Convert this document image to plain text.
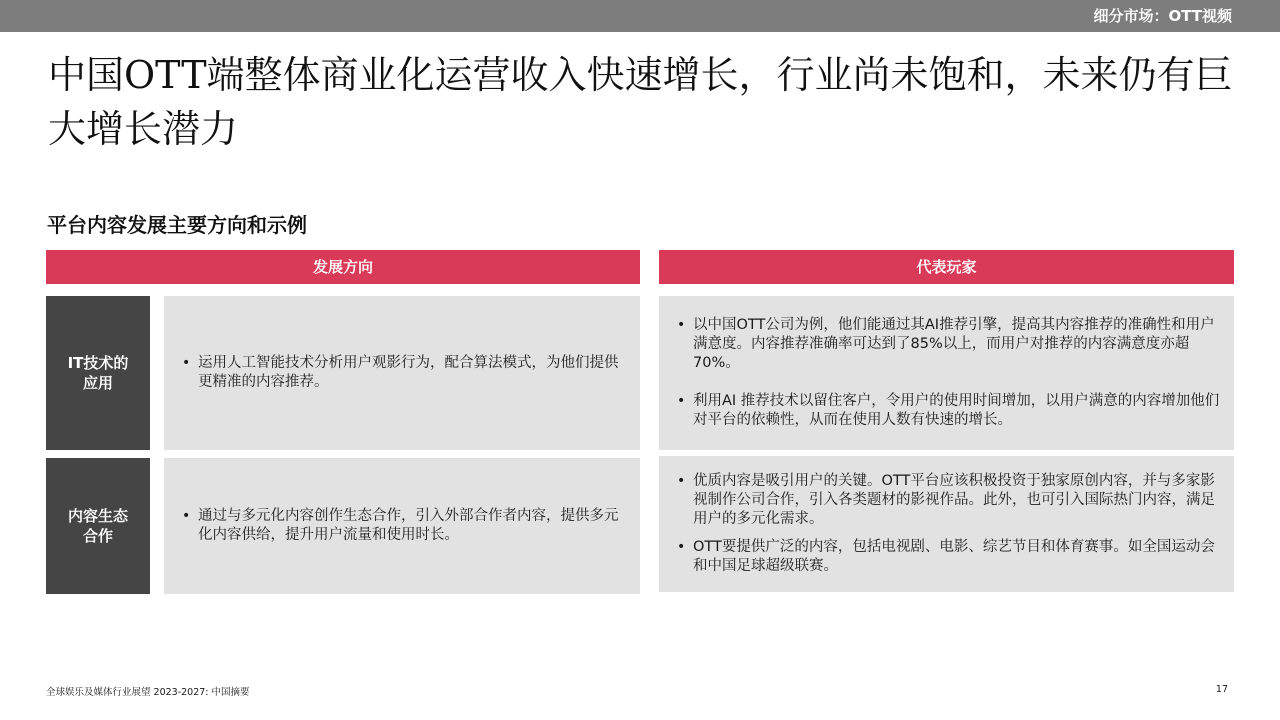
细分市场：OTT视频
中国OTT端整体商业化运营收入快速增长，行业尚未饱和，未来仍有巨大增长潜力
平台内容发展主要方向和示例
发展方向	代表玩家
IT技术的应用
• 运用人工智能技术分析用户观影行为，配合算法模式，为他们提供更精准的内容推荐。
• 以中国OTT公司为例，他们能通过其AI推荐引擎，提高其内容推荐的准确性和用户满意度。内容推荐准确率可达到了85%以上，而用户对推荐的内容满意度亦超70%。
• 利用AI 推荐技术以留住客户，令用户的使用时间增加，以用户满意的内容增加他们对平台的依赖性，从而在使用人数有快速的增长。
内容生态合作
• 通过与多元化内容创作生态合作，引入外部合作者内容，提供多元化内容供给，提升用户流量和使用时长。
• 优质内容是吸引用户的关键。OTT平台应该积极投资于独家原创内容，并与多家影视制作公司合作，引入各类题材的影视作品。此外，也可引入国际热门内容，满足用户的多元化需求。
• OTT要提供广泛的内容，包括电视剧、电影、综艺节目和体育赛事。如全国运动会和中国足球超级联赛。
全球娱乐及媒体行业展望 2023-2027: 中国摘要	17
